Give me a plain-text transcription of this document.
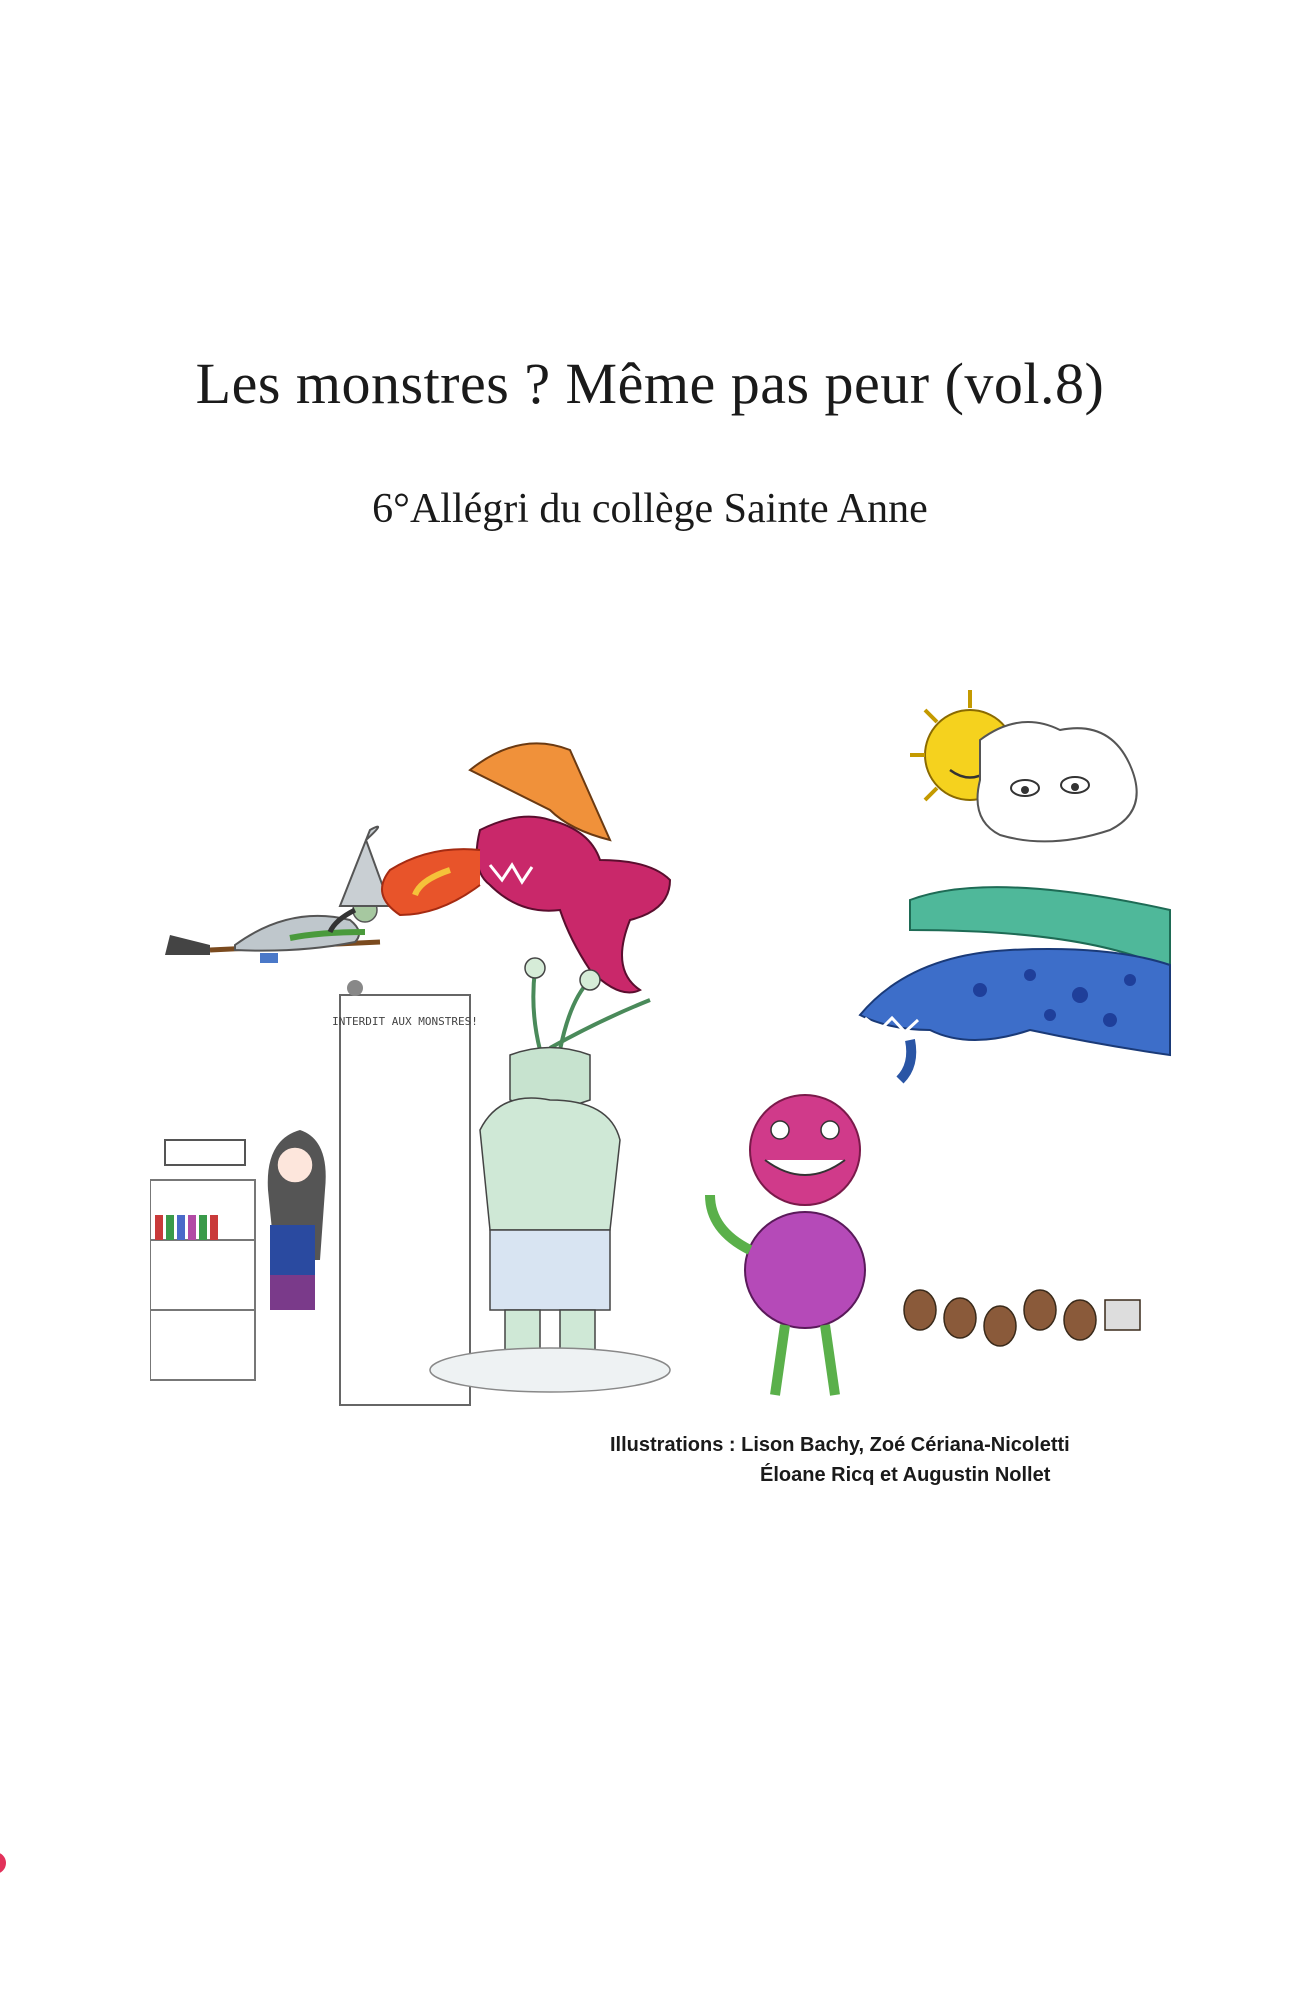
Les monstres ? Même pas peur (vol.8)
6°Allégri du collège Sainte Anne
INTERDIT AUX MONSTRES!
Illustrations : Lison Bachy, Zoé Cériana-Nicoletti
Éloane Ricq et Augustin Nollet
